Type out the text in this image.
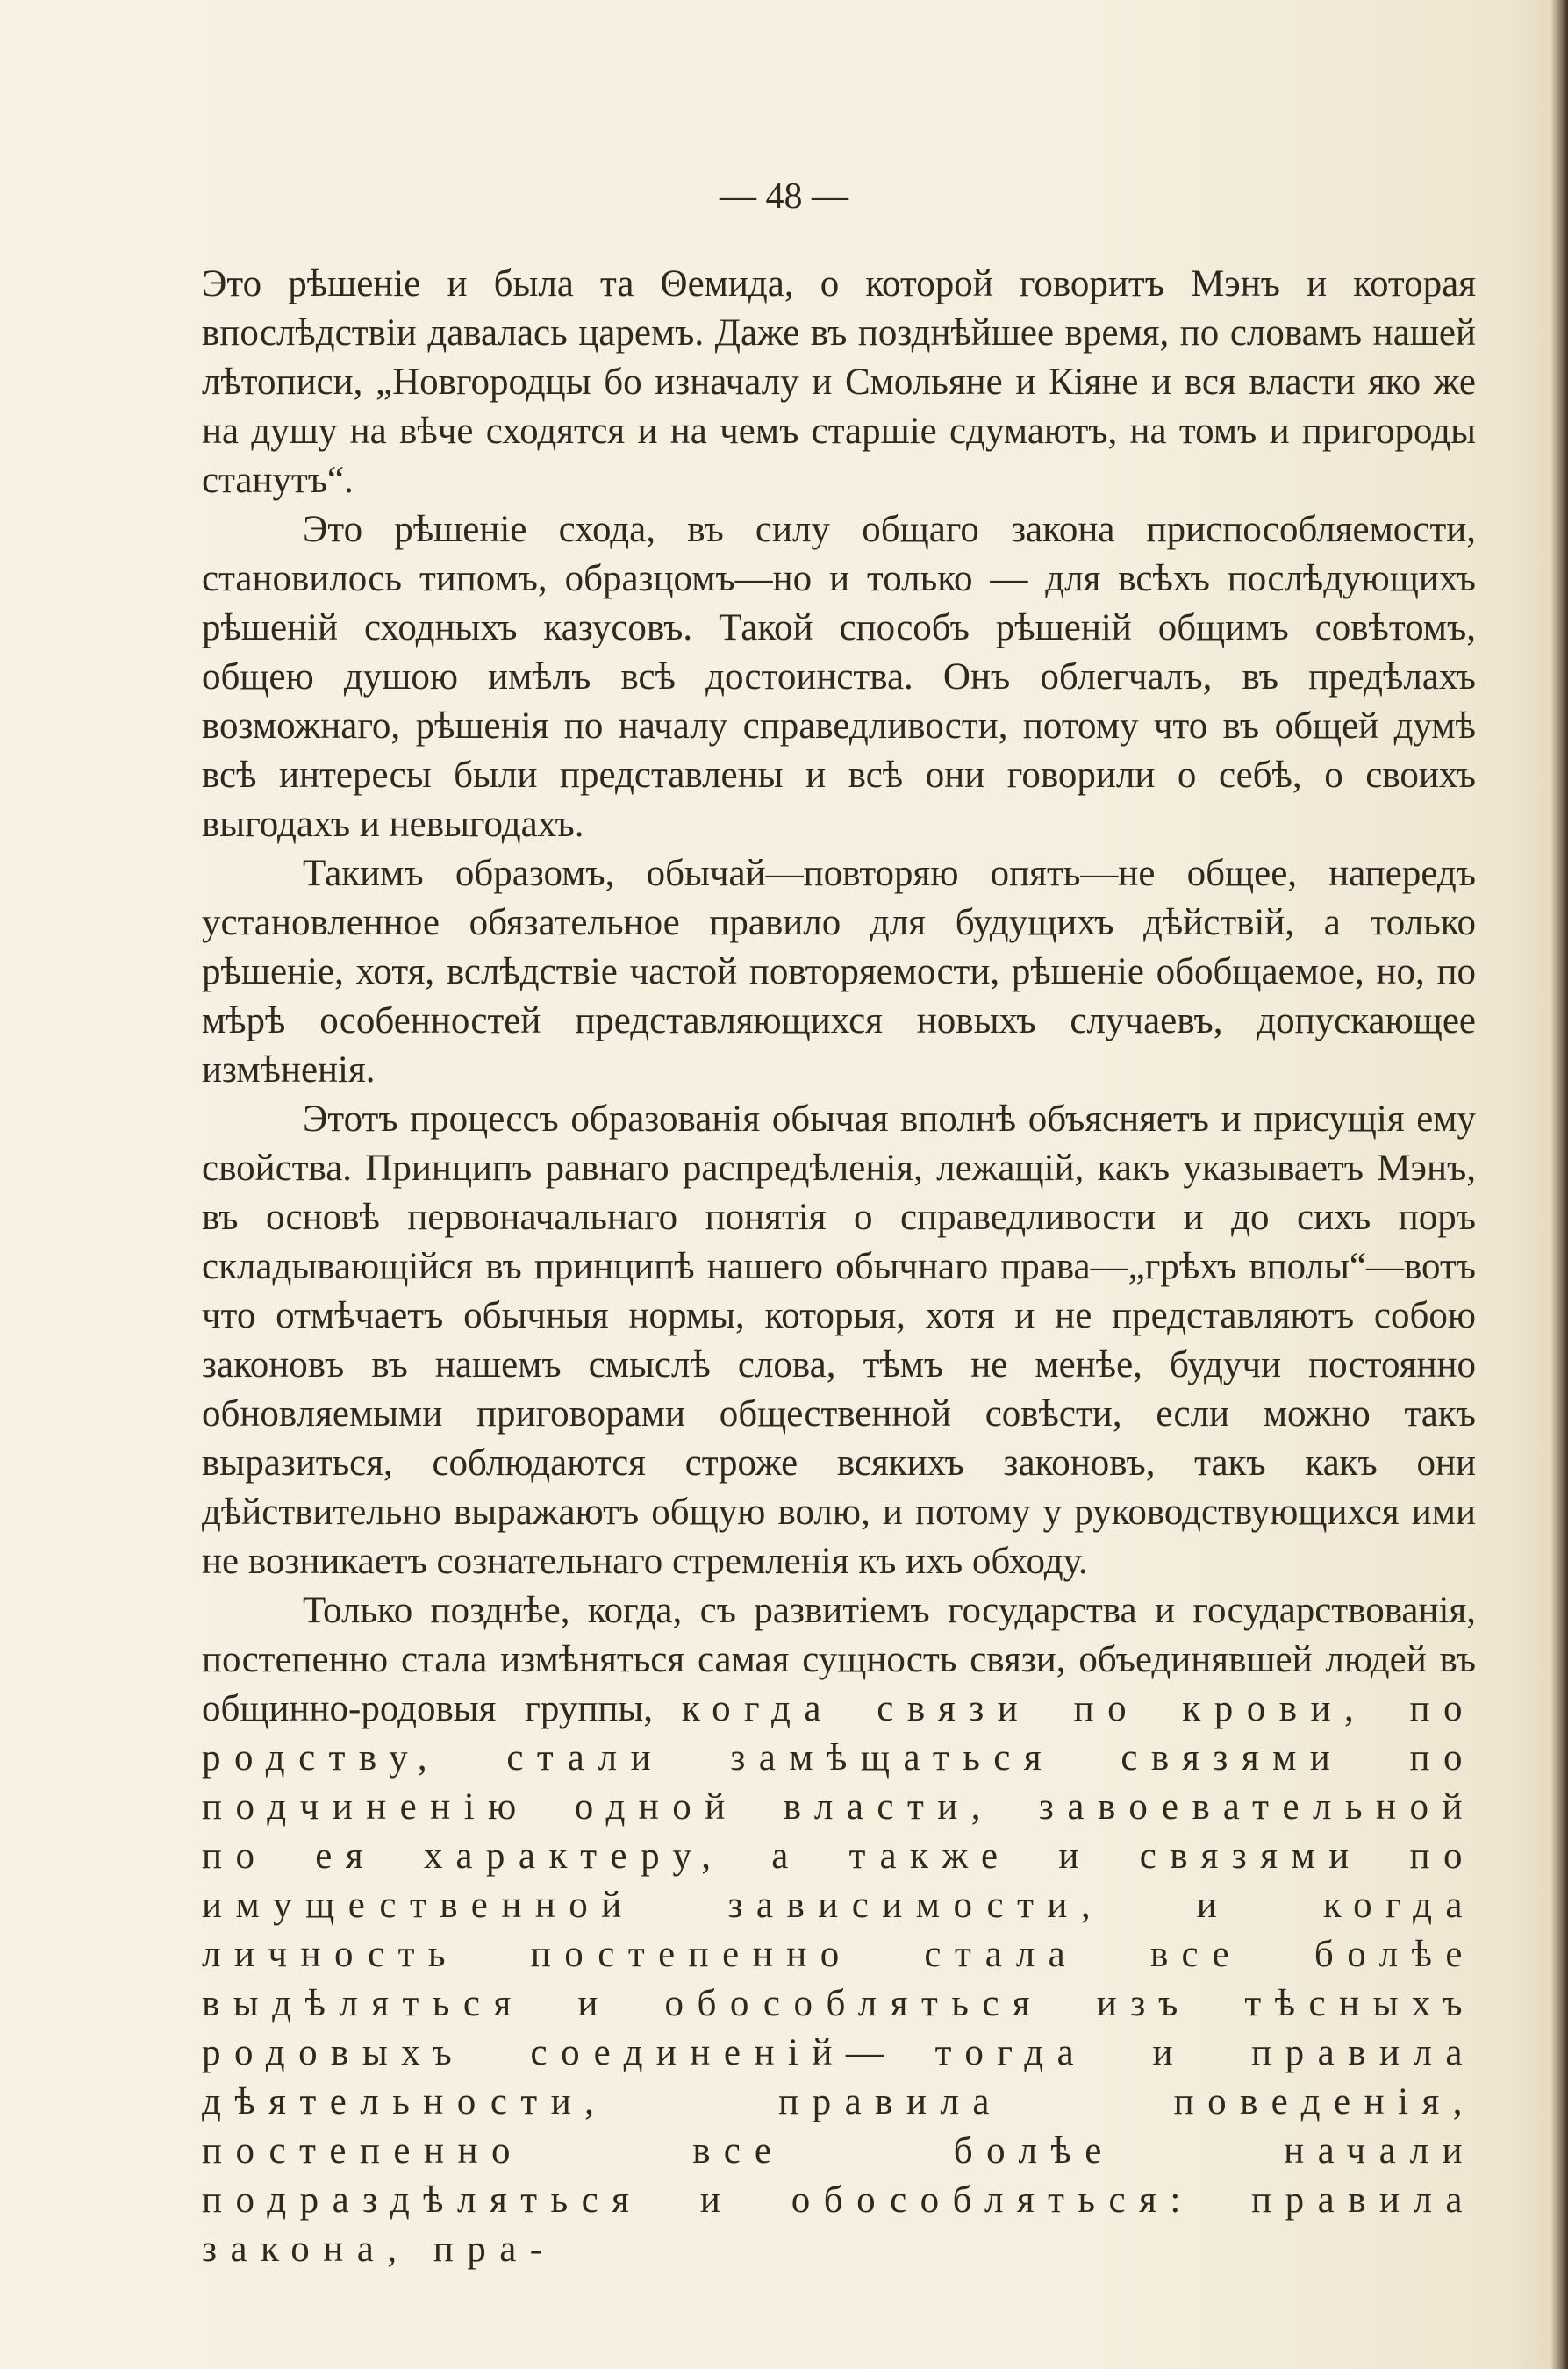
— 48 —

Это рѣшеніе и была та Θемида, о которой говоритъ Мэнъ и которая впослѣдствіи давалась царемъ. Даже въ позднѣйшее время, по словамъ нашей лѣтописи, „Новгородцы бо изначалу и Смольяне и Кіяне и вся власти яко же на душу на вѣче сходятся и на чемъ старшіе сдумаютъ, на томъ и пригороды станутъ“.

Это рѣшеніе схода, въ силу общаго закона приспособляемости, становилось типомъ, образцомъ—но и только — для всѣхъ послѣдующихъ рѣшеній сходныхъ казусовъ. Такой способъ рѣшеній общимъ совѣтомъ, общею душою имѣлъ всѣ достоинства. Онъ облегчалъ, въ предѣлахъ возможнаго, рѣшенія по началу справедливости, потому что въ общей думѣ всѣ интересы были представлены и всѣ они говорили о себѣ, о своихъ выгодахъ и невыгодахъ.

Такимъ образомъ, обычай—повторяю опять—не общее, напередъ установленное обязательное правило для будущихъ дѣйствій, а только рѣшеніе, хотя, вслѣдствіе частой повторяемости, рѣшеніе обобщаемое, но, по мѣрѣ особенностей представляющихся новыхъ случаевъ, допускающее измѣненія.

Этотъ процессъ образованія обычая вполнѣ объясняетъ и присущія ему свойства. Принципъ равнаго распредѣленія, лежащій, какъ указываетъ Мэнъ, въ основѣ первоначальнаго понятія о справедливости и до сихъ поръ складывающійся въ принципѣ нашего обычнаго права—„грѣхъ вполы“—вотъ что отмѣчаетъ обычныя нормы, которыя, хотя и не представляютъ собою законовъ въ нашемъ смыслѣ слова, тѣмъ не менѣе, будучи постоянно обновляемыми приговорами общественной совѣсти, если можно такъ выразиться, соблюдаются строже всякихъ законовъ, такъ какъ они дѣйствительно выражаютъ общую волю, и потому у руководствующихся ими не возникаетъ сознательнаго стремленія къ ихъ обходу.

Только позднѣе, когда, съ развитіемъ государства и государствованія, постепенно стала измѣняться самая сущность связи, объединявшей людей въ общинно-родовыя группы, когда связи по крови, по родству, стали замѣщаться связями по подчиненію одной власти, завоевательной по ея характеру, а также и связями по имущественной зависимости, и когда личность постепенно стала все болѣе выдѣляться и обособляться изъ тѣсныхъ родовыхъ соединеній— тогда и правила дѣятельности, правила поведенія, постепенно все болѣе начали подраздѣляться и обособляться: правила закона, пра-
